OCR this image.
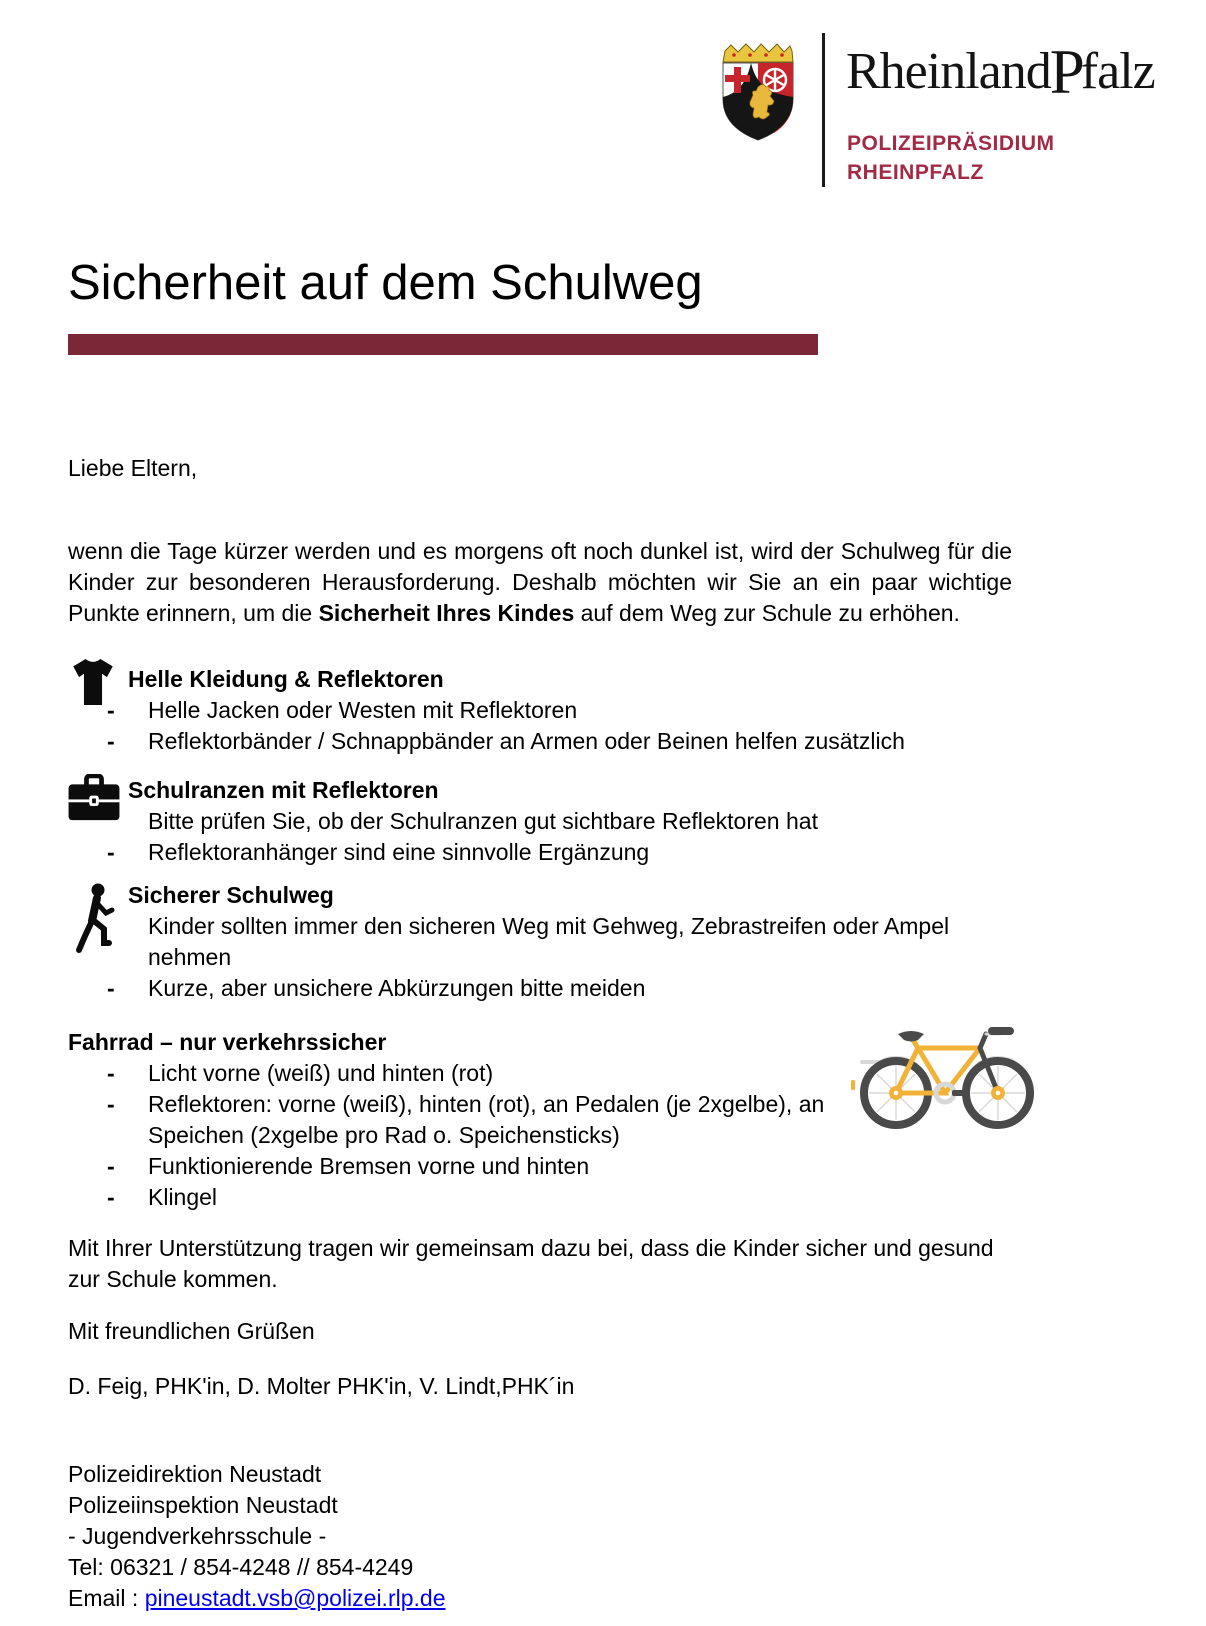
RheinlandPfalz
POLIZEIPRÄSIDIUM
RHEINPFALZ
Sicherheit auf dem Schulweg
Liebe Eltern,

wenn die Tage kürzer werden und es morgens oft noch dunkel ist, wird der Schulweg für die Kinder zur besonderen Herausforderung. Deshalb möchten wir Sie an ein paar wichtige Punkte erinnern, um die Sicherheit Ihres Kindes auf dem Weg zur Schule zu erhöhen.

Helle Kleidung & Reflektoren
- Helle Jacken oder Westen mit Reflektoren
- Reflektorbänder / Schnappbänder an Armen oder Beinen helfen zusätzlich
Schulranzen mit Reflektoren
Bitte prüfen Sie, ob der Schulranzen gut sichtbare Reflektoren hat
- Reflektoranhänger sind eine sinnvolle Ergänzung
Sicherer Schulweg
Kinder sollten immer den sicheren Weg mit Gehweg, Zebrastreifen oder Ampel nehmen
- Kurze, aber unsichere Abkürzungen bitte meiden
Fahrrad – nur verkehrssicher
- Licht vorne (weiß) und hinten (rot)
- Reflektoren: vorne (weiß), hinten (rot), an Pedalen (je 2xgelbe), an Speichen (2xgelbe pro Rad o. Speichensticks)
- Funktionierende Bremsen vorne und hinten
- Klingel
Mit Ihrer Unterstützung tragen wir gemeinsam dazu bei, dass die Kinder sicher und gesund zur Schule kommen.
Mit freundlichen Grüßen
D. Feig, PHK'in, D. Molter PHK'in, V. Lindt,PHK´in
Polizeidirektion Neustadt
Polizeiinspektion Neustadt
- Jugendverkehrsschule -
Tel: 06321 / 854-4248 // 854-4249
Email : pineustadt.vsb@polizei.rlp.de
